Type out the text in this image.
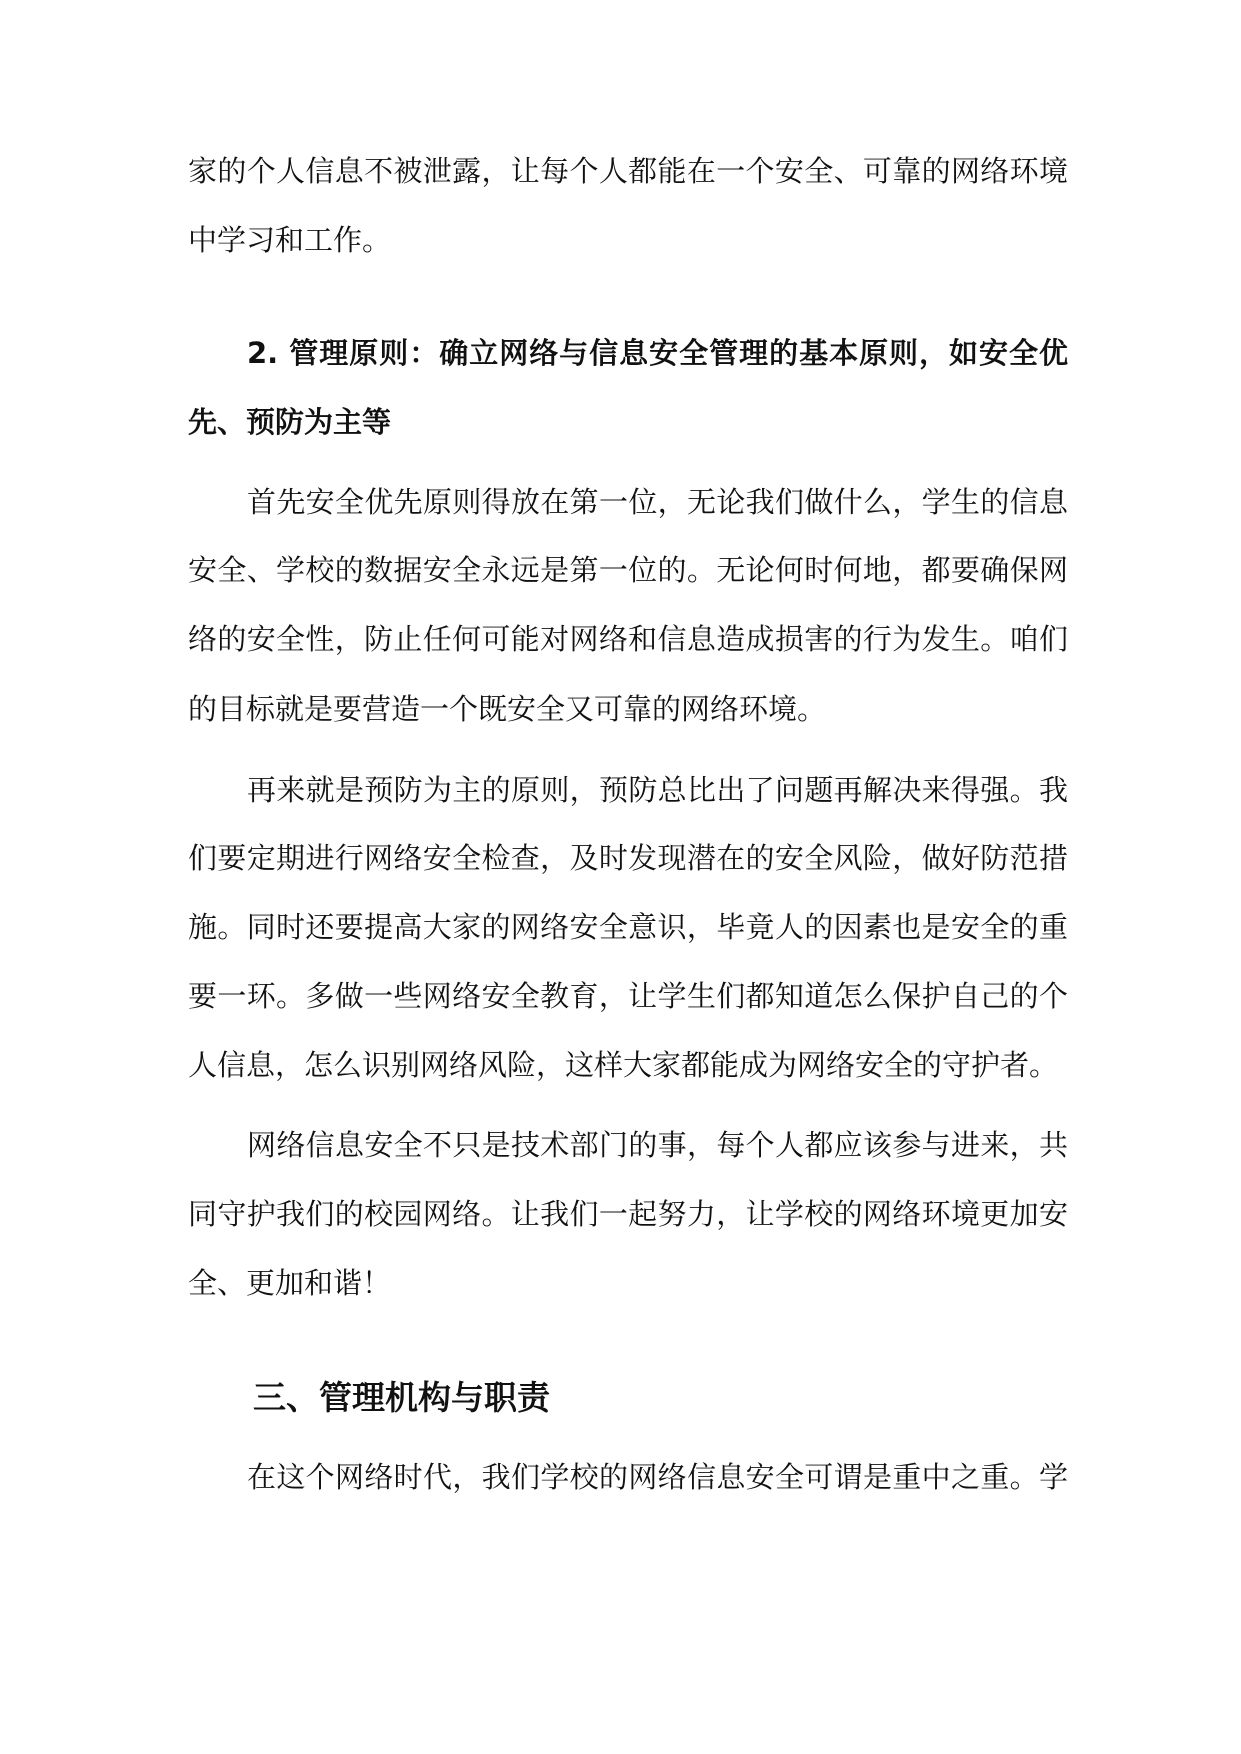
家的个人信息不被泄露，让每个人都能在一个安全、可靠的网络环境
中学习和工作。
2. 管理原则：确立网络与信息安全管理的基本原则，如安全优
先、预防为主等
首先安全优先原则得放在第一位，无论我们做什么，学生的信息
安全、学校的数据安全永远是第一位的。无论何时何地，都要确保网
络的安全性，防止任何可能对网络和信息造成损害的行为发生。咱们
的目标就是要营造一个既安全又可靠的网络环境。
再来就是预防为主的原则，预防总比出了问题再解决来得强。我
们要定期进行网络安全检查，及时发现潜在的安全风险，做好防范措
施。同时还要提高大家的网络安全意识，毕竟人的因素也是安全的重
要一环。多做一些网络安全教育，让学生们都知道怎么保护自己的个
人信息，怎么识别网络风险，这样大家都能成为网络安全的守护者。
网络信息安全不只是技术部门的事，每个人都应该参与进来，共
同守护我们的校园网络。让我们一起努力，让学校的网络环境更加安
全、更加和谐！
三、管理机构与职责
在这个网络时代，我们学校的网络信息安全可谓是重中之重。学
